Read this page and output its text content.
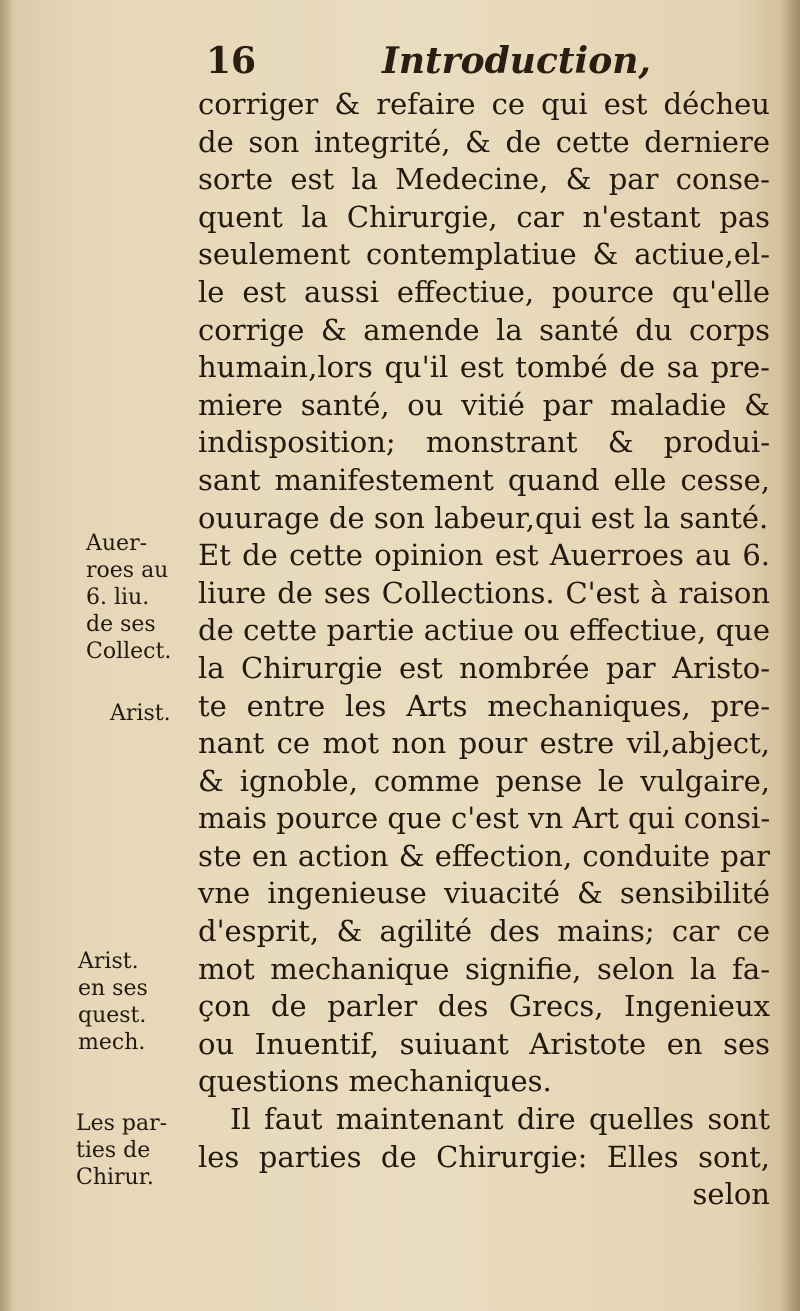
16	Introduction,
corriger & refaire ce qui est décheu
de son integrité, & de cette derniere
sorte est la Medecine, & par conse-
quent la Chirurgie, car n'estant pas
seulement contemplatiue & actiue,el-
le est aussi effectiue, pource qu'elle
corrige & amende la santé du corps
humain,lors qu'il est tombé de sa pre-
miere santé, ou vitié par maladie &
indisposition; monstrant & produi-
sant manifestement quand elle cesse,
ouurage de son labeur,qui est la santé.
Et de cette opinion est Auerroes au 6.
liure de ses Collections. C'est à raison
de cette partie actiue ou effectiue, que
la Chirurgie est nombrée par Aristo-
te entre les Arts mechaniques, pre-
nant ce mot non pour estre vil,abject,
& ignoble, comme pense le vulgaire,
mais pource que c'est vn Art qui consi-
ste en action & effection, conduite par
vne ingenieuse viuacité & sensibilité
d'esprit, & agilité des mains; car ce
mot mechanique signifie, selon la fa-
çon de parler des Grecs, Ingenieux
ou Inuentif, suiuant Aristote en ses
questions mechaniques.
Il faut maintenant dire quelles sont
les parties de Chirurgie: Elles sont,
selon
Auer-
roes au
6. liu.
de ses
Collect.
Arist.
Arist.
en ses
quest.
mech.
Les par-
ties de
Chirur.
